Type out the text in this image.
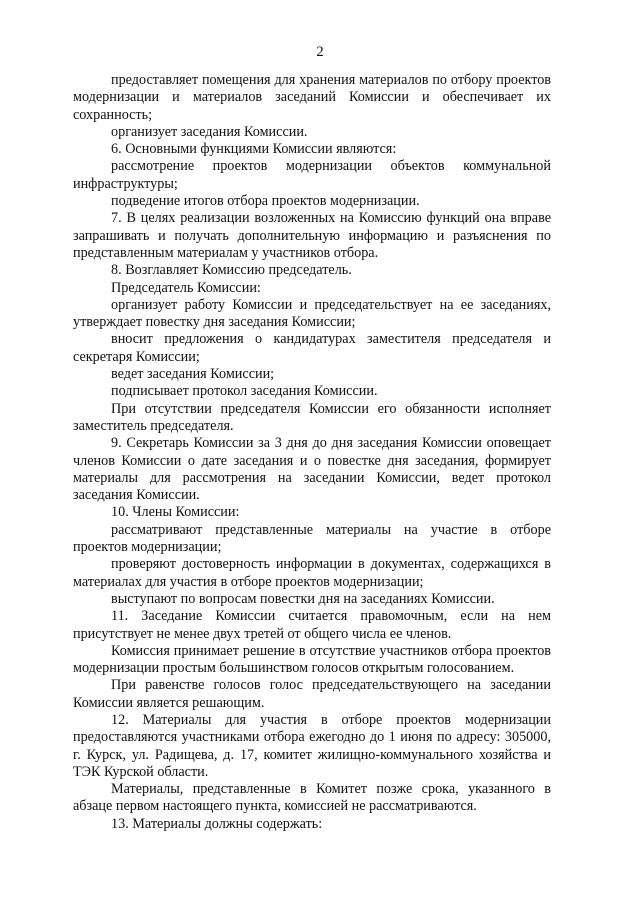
2

предоставляет помещения для хранения материалов по отбору проектов модернизации и материалов заседаний Комиссии и обеспечивает их сохранность;

организует заседания Комиссии.

6. Основными функциями Комиссии являются:

рассмотрение проектов модернизации объектов коммунальной инфраструктуры;

подведение итогов отбора проектов модернизации.

7. В целях реализации возложенных на Комиссию функций она вправе запрашивать и получать дополнительную информацию и разъяснения по представленным материалам у участников отбора.

8. Возглавляет Комиссию председатель.

Председатель Комиссии:

организует работу Комиссии и председательствует на ее заседаниях, утверждает повестку дня заседания Комиссии;

вносит предложения о кандидатурах заместителя председателя и секретаря Комиссии;

ведет заседания Комиссии;

подписывает протокол заседания Комиссии.

При отсутствии председателя Комиссии его обязанности исполняет заместитель председателя.

9. Секретарь Комиссии за 3 дня до дня заседания Комиссии оповещает членов Комиссии о дате заседания и о повестке дня заседания, формирует материалы для рассмотрения на заседании Комиссии, ведет протокол заседания Комиссии.

10. Члены Комиссии:

рассматривают представленные материалы на участие в отборе проектов модернизации;

проверяют достоверность информации в документах, содержащихся в материалах для участия в отборе проектов модернизации;

выступают по вопросам повестки дня на заседаниях Комиссии.

11. Заседание Комиссии считается правомочным, если на нем присутствует не менее двух третей от общего числа ее членов.

Комиссия принимает решение в отсутствие участников отбора проектов модернизации простым большинством голосов открытым голосованием.

При равенстве голосов голос председательствующего на заседании Комиссии является решающим.

12. Материалы для участия в отборе проектов модернизации предоставляются участниками отбора ежегодно до 1 июня по адресу: 305000, г. Курск, ул. Радищева, д. 17, комитет жилищно-коммунального хозяйства и ТЭК Курской области.

Материалы, представленные в Комитет позже срока, указанного в абзаце первом настоящего пункта, комиссией не рассматриваются.

13. Материалы должны содержать:
